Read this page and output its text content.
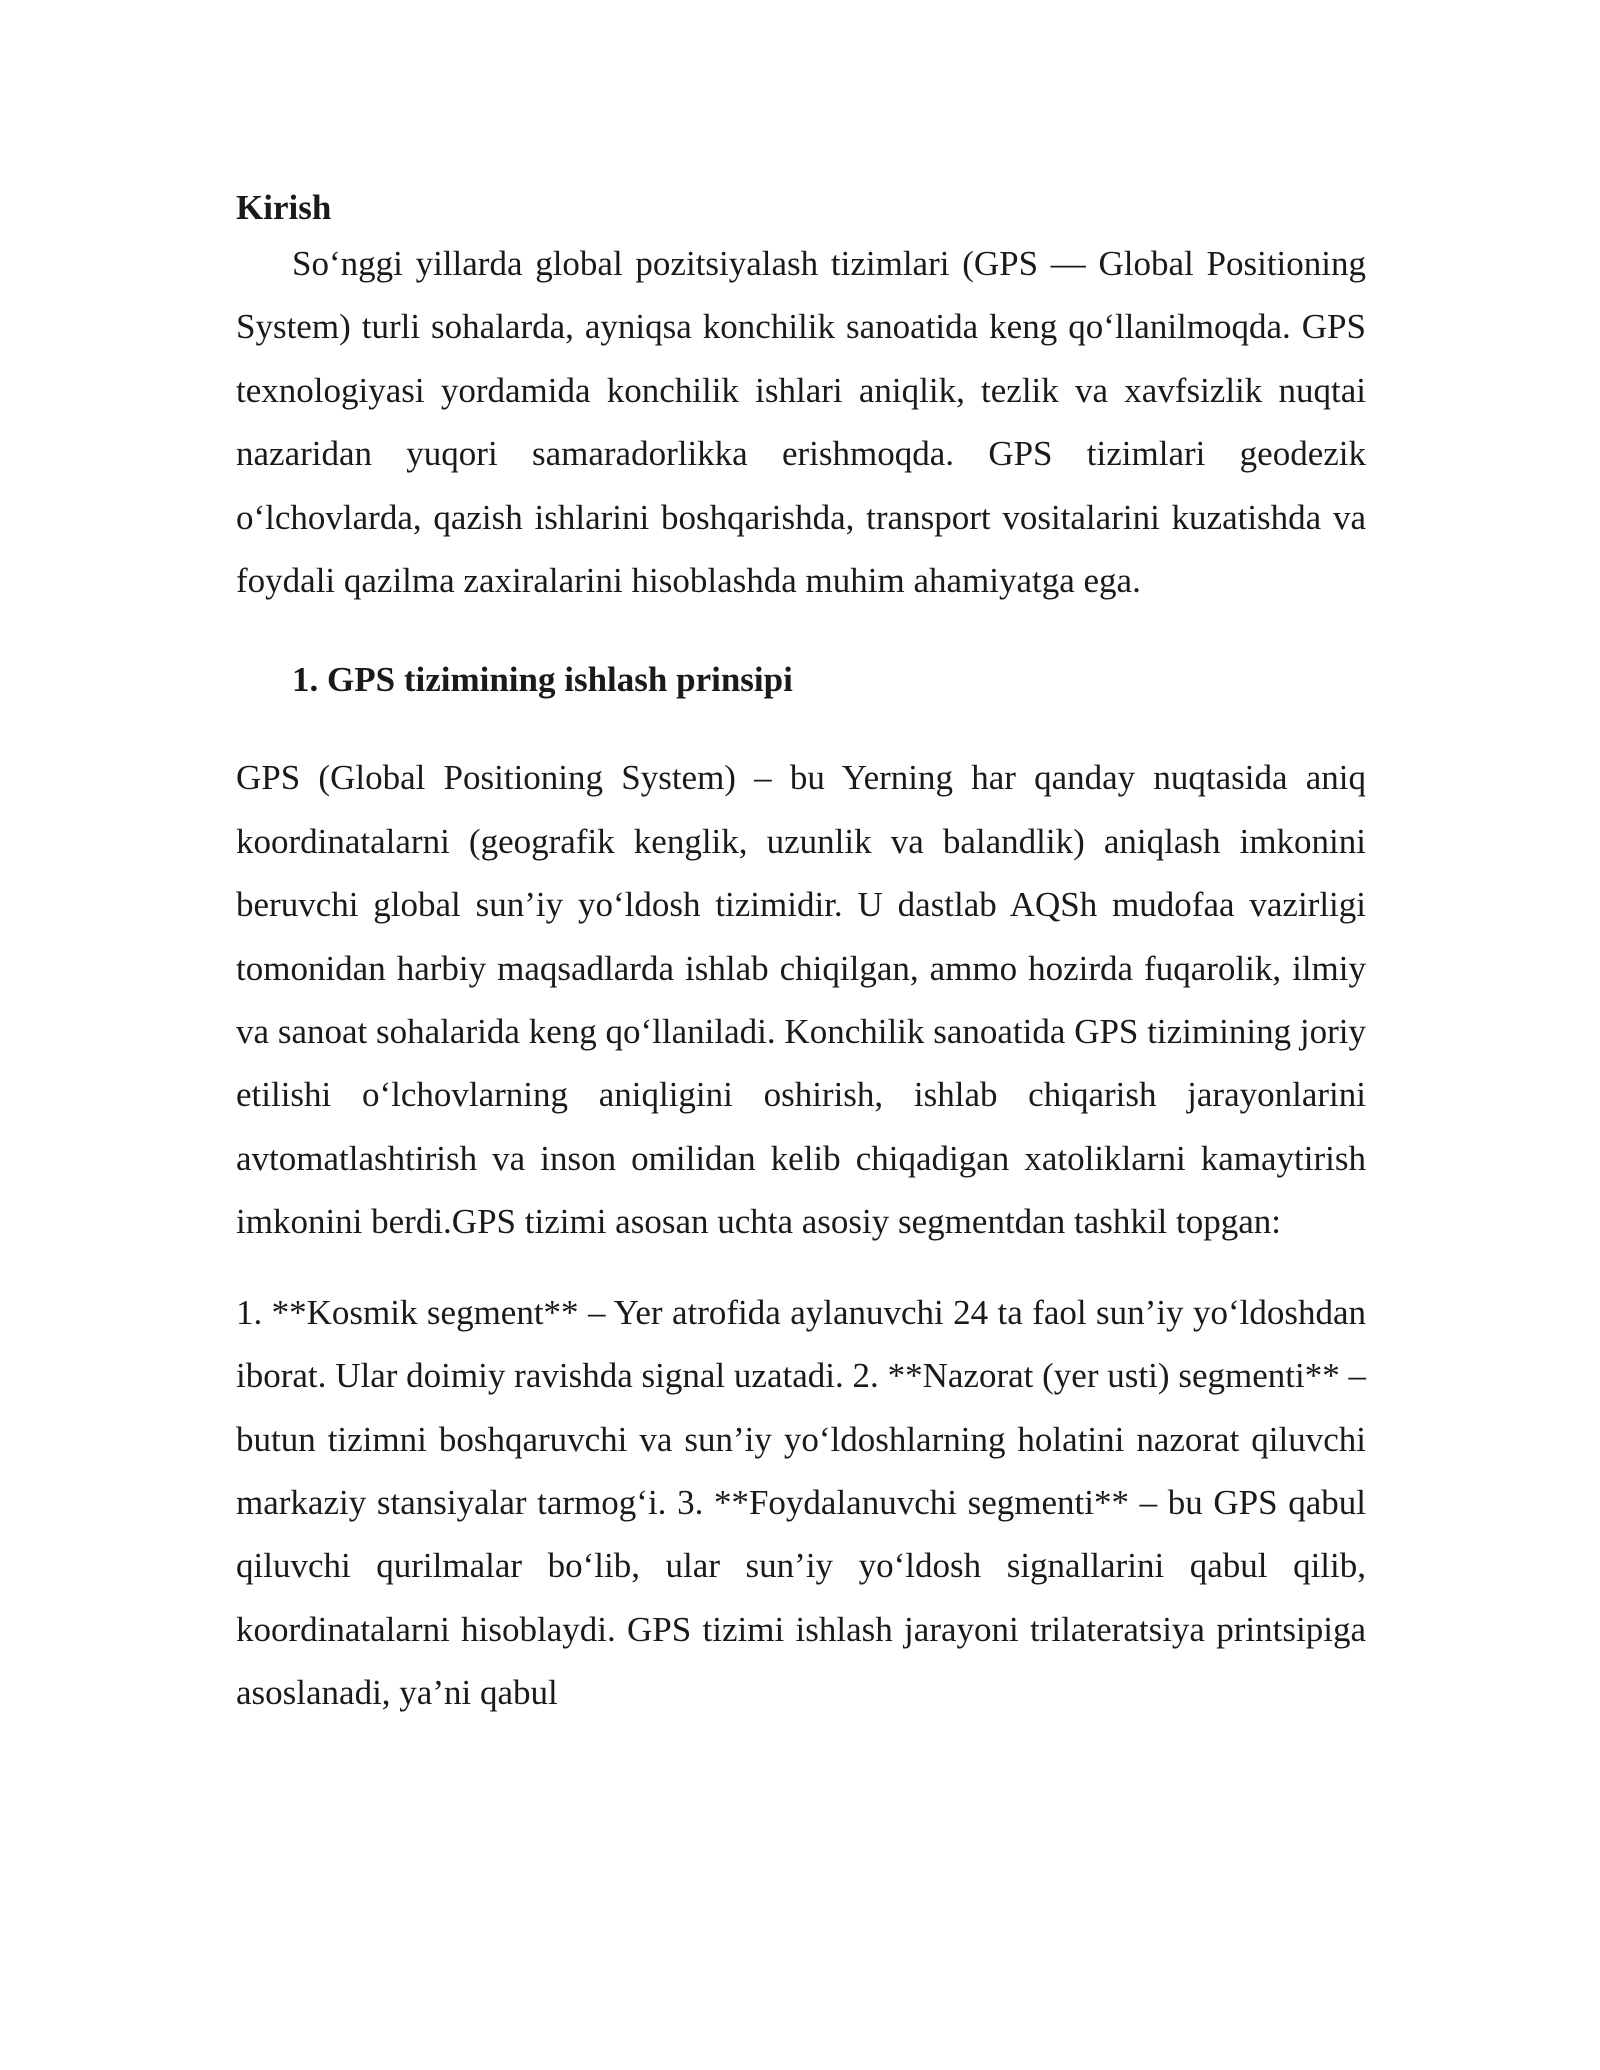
Kirish

So‘nggi yillarda global pozitsiyalash tizimlari (GPS — Global Positioning System) turli sohalarda, ayniqsa konchilik sanoatida keng qo‘llanilmoqda. GPS texnologiyasi yordamida konchilik ishlari aniqlik, tezlik va xavfsizlik nuqtai nazaridan yuqori samaradorlikka erishmoqda. GPS tizimlari geodezik o‘lchovlarda, qazish ishlarini boshqarishda, transport vositalarini kuzatishda va foydali qazilma zaxiralarini hisoblashda muhim ahamiyatga ega.

1. GPS tizimining ishlash prinsipi

GPS (Global Positioning System) – bu Yerning har qanday nuqtasida aniq koordinatalarni (geografik kenglik, uzunlik va balandlik) aniqlash imkonini beruvchi global sun’iy yo‘ldosh tizimidir. U dastlab AQSh mudofaa vazirligi tomonidan harbiy maqsadlarda ishlab chiqilgan, ammo hozirda fuqarolik, ilmiy va sanoat sohalarida keng qo‘llaniladi. Konchilik sanoatida GPS tizimining joriy etilishi o‘lchovlarning aniqligini oshirish, ishlab chiqarish jarayonlarini avtomatlashtirish va inson omilidan kelib chiqadigan xatoliklarni kamaytirish imkonini berdi.GPS tizimi asosan uchta asosiy segmentdan tashkil topgan:

1. **Kosmik segment** – Yer atrofida aylanuvchi 24 ta faol sun’iy yo‘ldoshdan iborat. Ular doimiy ravishda signal uzatadi. 2. **Nazorat (yer usti) segmenti** – butun tizimni boshqaruvchi va sun’iy yo‘ldoshlarning holatini nazorat qiluvchi markaziy stansiyalar tarmog‘i. 3. **Foydalanuvchi segmenti** – bu GPS qabul qiluvchi qurilmalar bo‘lib, ular sun’iy yo‘ldosh signallarini qabul qilib, koordinatalarni hisoblaydi. GPS tizimi ishlash jarayoni trilateratsiya printsipiga asoslanadi, ya’ni qabul
